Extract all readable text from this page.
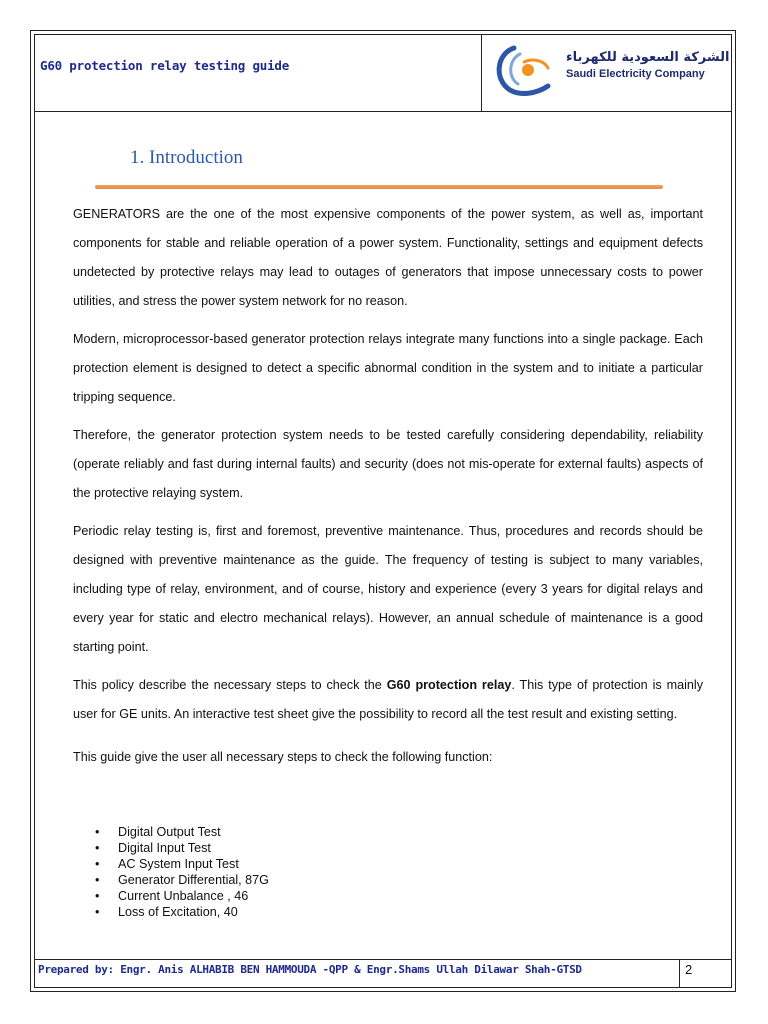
G60 protection relay testing guide
الشركة السعودية للكهرباء
Saudi Electricity Company
1. Introduction

GENERATORS are the one of the most expensive components of the power system, as well as, important components for stable and reliable operation of a power system. Functionality, settings and equipment defects undetected by protective relays may lead to outages of generators that impose unnecessary costs to power utilities, and stress the power system network for no reason.

Modern, microprocessor-based generator protection relays integrate many functions into a single package. Each protection element is designed to detect a specific abnormal condition in the system and to initiate a particular tripping sequence.

Therefore, the generator protection system needs to be tested carefully considering dependability, reliability (operate reliably and fast during internal faults) and security (does not mis-operate for external faults) aspects of the protective relaying system.

Periodic relay testing is, first and foremost, preventive maintenance. Thus, procedures and records should be designed with preventive maintenance as the guide. The frequency of testing is subject to many variables, including type of relay, environment, and of course, history and experience (every 3 years for digital relays and every year for static and electro mechanical relays). However, an annual schedule of maintenance is a good starting point.

This policy describe the necessary steps to check the G60 protection relay. This type of protection is mainly user for GE units. An interactive test sheet give the possibility to record all the test result and existing setting.

This guide give the user all necessary steps to check the following function:

• Digital Output Test
• Digital Input Test
• AC System Input Test
• Generator Differential, 87G
• Current Unbalance , 46
• Loss of Excitation, 40
Prepared by: Engr. Anis ALHABIB BEN HAMMOUDA -QPP & Engr.Shams Ullah Dilawar Shah-GTSD	2
